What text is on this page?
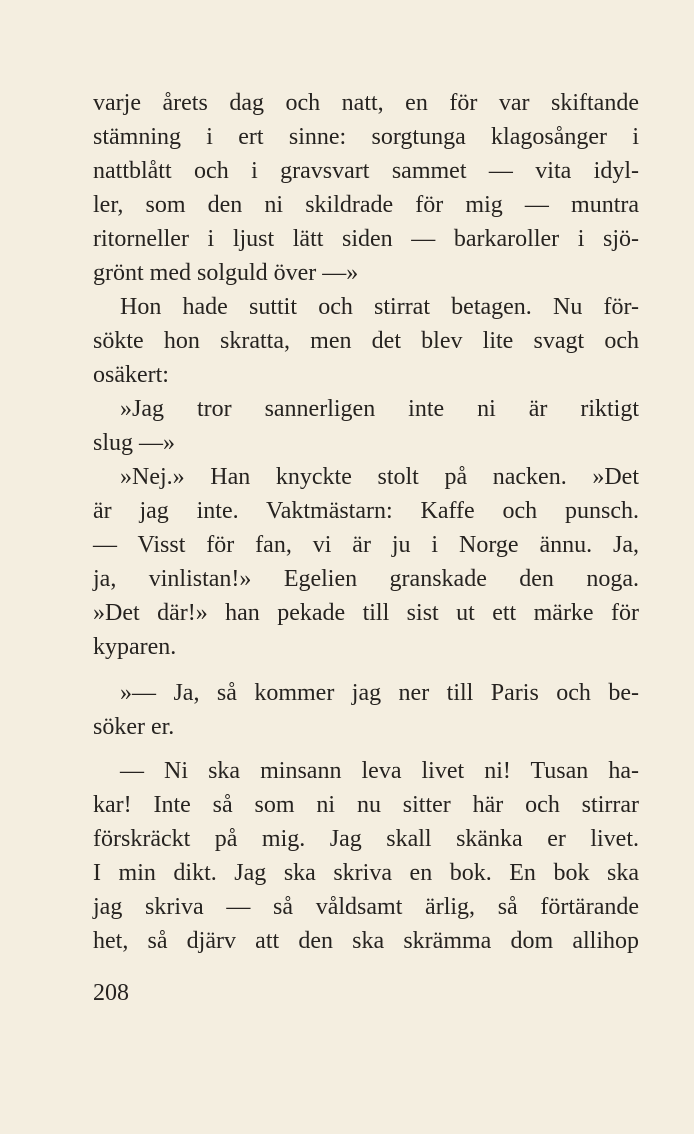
varje årets dag och natt, en för var skiftande
stämning i ert sinne: sorgtunga klagosånger i
nattblått och i gravsvart sammet — vita idyl-
ler, som den ni skildrade för mig — muntra
ritorneller i ljust lätt siden — barkaroller i sjö-
grönt med solguld över —»
Hon hade suttit och stirrat betagen. Nu för-
sökte hon skratta, men det blev lite svagt och
osäkert:
»Jag tror sannerligen inte ni är riktigt
slug —»
»Nej.» Han knyckte stolt på nacken. »Det
är jag inte. Vaktmästarn: Kaffe och punsch.
— Visst för fan, vi är ju i Norge ännu. Ja,
ja, vinlistan!» Egelien granskade den noga.
»Det där!» han pekade till sist ut ett märke för
kyparen.
»— Ja, så kommer jag ner till Paris och be-
söker er.
— Ni ska minsann leva livet ni! Tusan ha-
kar! Inte så som ni nu sitter här och stirrar
förskräckt på mig. Jag skall skänka er livet.
I min dikt. Jag ska skriva en bok. En bok ska
jag skriva — så våldsamt ärlig, så förtärande
het, så djärv att den ska skrämma dom allihop
208
